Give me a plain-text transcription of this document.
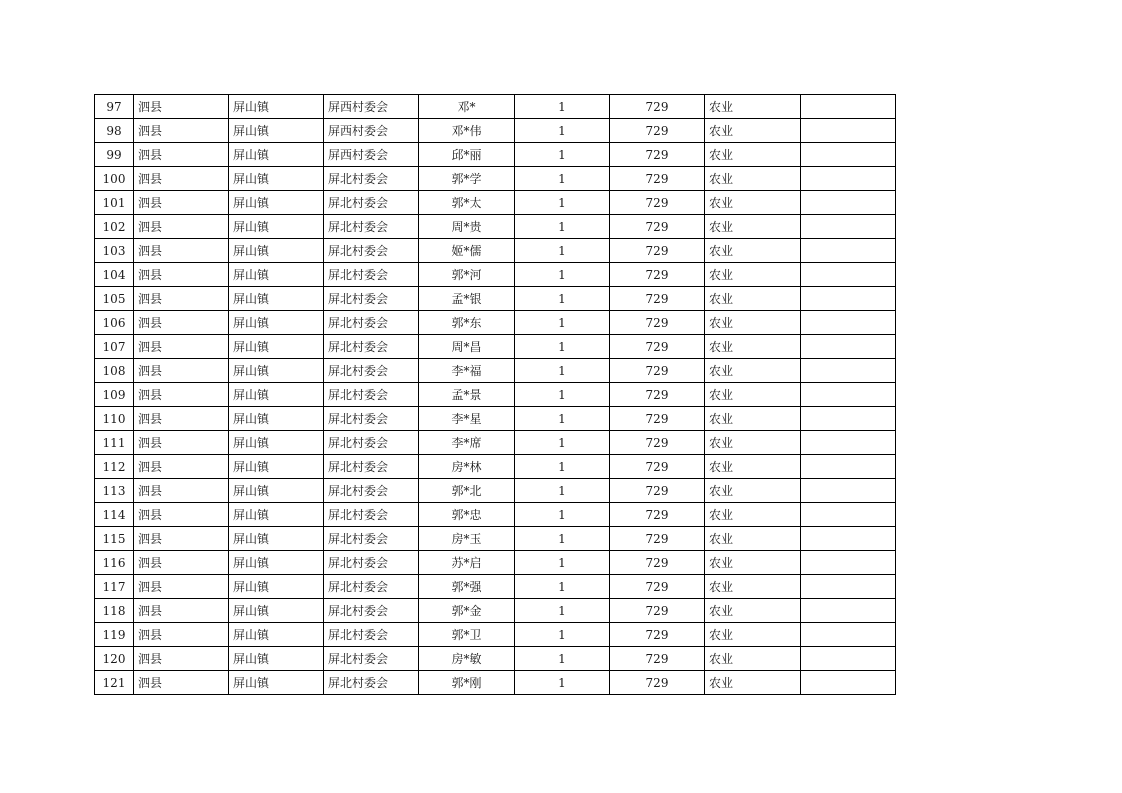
97	泗县	屏山镇	屏西村委会	邓*	1	729	农业	
98	泗县	屏山镇	屏西村委会	邓*伟	1	729	农业	
99	泗县	屏山镇	屏西村委会	邱*丽	1	729	农业	
100	泗县	屏山镇	屏北村委会	郭*学	1	729	农业	
101	泗县	屏山镇	屏北村委会	郭*太	1	729	农业	
102	泗县	屏山镇	屏北村委会	周*贵	1	729	农业	
103	泗县	屏山镇	屏北村委会	姬*儒	1	729	农业	
104	泗县	屏山镇	屏北村委会	郭*河	1	729	农业	
105	泗县	屏山镇	屏北村委会	孟*银	1	729	农业	
106	泗县	屏山镇	屏北村委会	郭*东	1	729	农业	
107	泗县	屏山镇	屏北村委会	周*昌	1	729	农业	
108	泗县	屏山镇	屏北村委会	李*福	1	729	农业	
109	泗县	屏山镇	屏北村委会	孟*景	1	729	农业	
110	泗县	屏山镇	屏北村委会	李*星	1	729	农业	
111	泗县	屏山镇	屏北村委会	李*席	1	729	农业	
112	泗县	屏山镇	屏北村委会	房*林	1	729	农业	
113	泗县	屏山镇	屏北村委会	郭*北	1	729	农业	
114	泗县	屏山镇	屏北村委会	郭*忠	1	729	农业	
115	泗县	屏山镇	屏北村委会	房*玉	1	729	农业	
116	泗县	屏山镇	屏北村委会	苏*启	1	729	农业	
117	泗县	屏山镇	屏北村委会	郭*强	1	729	农业	
118	泗县	屏山镇	屏北村委会	郭*金	1	729	农业	
119	泗县	屏山镇	屏北村委会	郭*卫	1	729	农业	
120	泗县	屏山镇	屏北村委会	房*敏	1	729	农业	
121	泗县	屏山镇	屏北村委会	郭*刚	1	729	农业	
